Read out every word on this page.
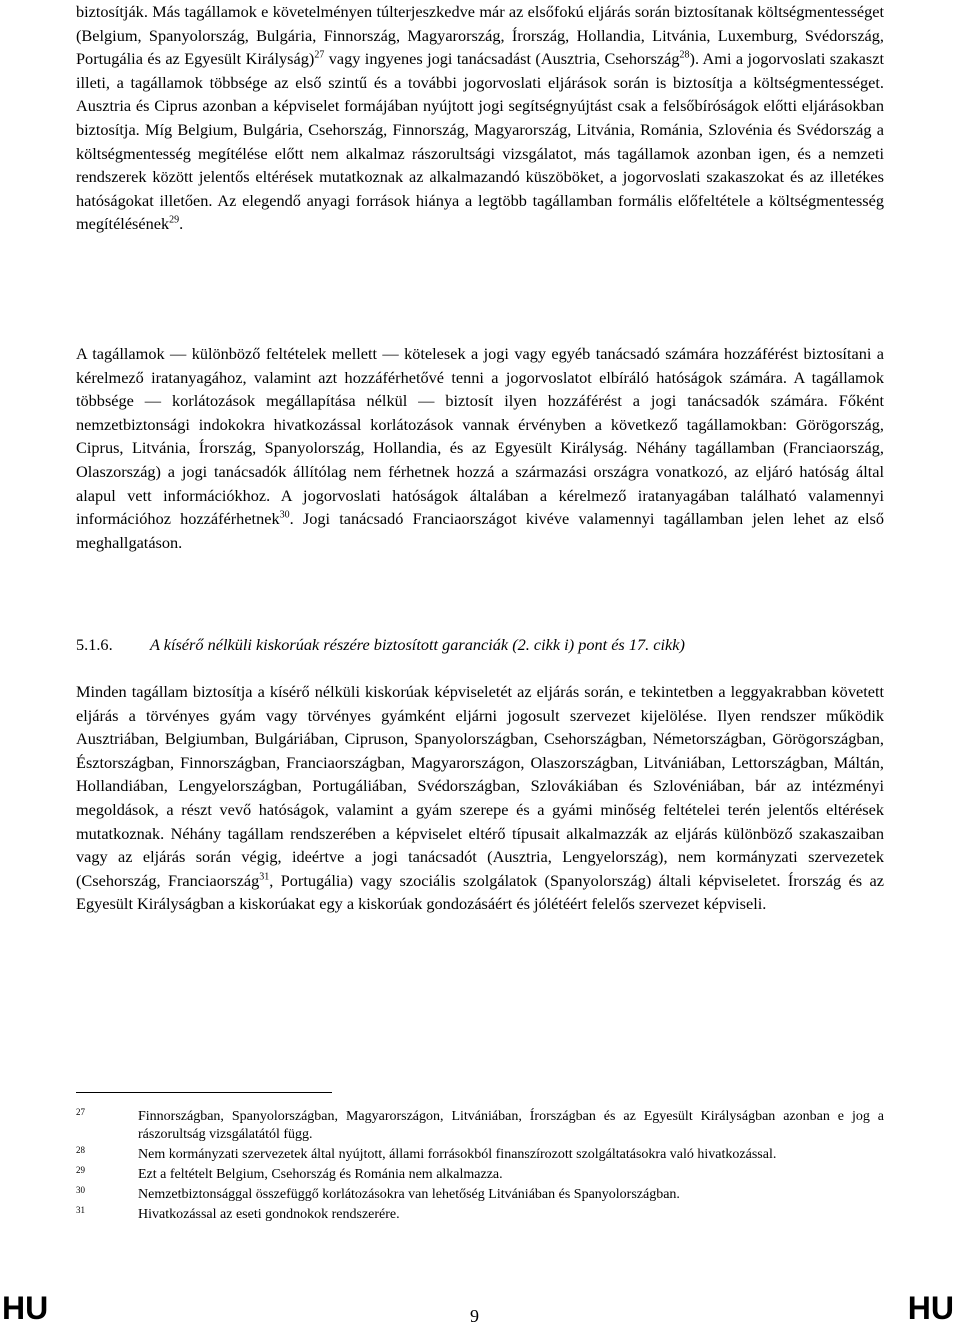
biztosítják. Más tagállamok e követelményen túlterjeszkedve már az elsőfokú eljárás során biztosítanak költségmentességet (Belgium, Spanyolország, Bulgária, Finnország, Magyarország, Írország, Hollandia, Litvánia, Luxemburg, Svédország, Portugália és az Egyesült Királyság)$^{27}$ vagy ingyenes jogi tanácsadást (Ausztria, Csehország$^{28}$). Ami a jogorvoslati szakaszt illeti, a tagállamok többsége az első szintű és a további jogorvoslati eljárások során is biztosítja a költségmentességet. Ausztria és Ciprus azonban a képviselet formájában nyújtott jogi segítségnyújtást csak a felsőbíróságok előtti eljárásokban biztosítja. Míg Belgium, Bulgária, Csehország, Finnország, Magyarország, Litvánia, Románia, Szlovénia és Svédország a költségmentesség megítélése előtt nem alkalmaz rászorultsági vizsgálatot, más tagállamok azonban igen, és a nemzeti rendszerek között jelentős eltérések mutatkoznak az alkalmazandó küszöböket, a jogorvoslati szakaszokat és az illetékes hatóságokat illetően. Az elegendő anyagi források hiánya a legtöbb tagállamban formális előfeltétele a költségmentesség megítélésének$^{29}$.

A tagállamok — különböző feltételek mellett — kötelesek a jogi vagy egyéb tanácsadó számára hozzáférést biztosítani a kérelmező iratanyagához, valamint azt hozzáférhetővé tenni a jogorvoslatot elbíráló hatóságok számára. A tagállamok többsége — korlátozások megállapítása nélkül — biztosít ilyen hozzáférést a jogi tanácsadók számára. Főként nemzetbiztonsági indokokra hivatkozással korlátozások vannak érvényben a következő tagállamokban: Görögország, Ciprus, Litvánia, Írország, Spanyolország, Hollandia, és az Egyesült Királyság. Néhány tagállamban (Franciaország, Olaszország) a jogi tanácsadók állítólag nem férhetnek hozzá a származási országra vonatkozó, az eljáró hatóság által alapul vett információkhoz. A jogorvoslati hatóságok általában a kérelmező iratanyagában található valamennyi információhoz hozzáférhetnek$^{30}$. Jogi tanácsadó Franciaországot kivéve valamennyi tagállamban jelen lehet az első meghallgatáson.

5.1.6. A kísérő nélküli kiskorúak részére biztosított garanciák (2. cikk i) pont és 17. cikk)

Minden tagállam biztosítja a kísérő nélküli kiskorúak képviseletét az eljárás során, e tekintetben a leggyakrabban követett eljárás a törvényes gyám vagy törvényes gyámként eljárni jogosult szervezet kijelölése. Ilyen rendszer működik Ausztriában, Belgiumban, Bulgáriában, Cipruson, Spanyolországban, Csehországban, Németországban, Görögországban, Észtországban, Finnországban, Franciaországban, Magyarországon, Olaszországban, Litvániában, Lettországban, Máltán, Hollandiában, Lengyelországban, Portugáliában, Svédországban, Szlovákiában és Szlovéniában, bár az intézményi megoldások, a részt vevő hatóságok, valamint a gyám szerepe és a gyámi minőség feltételei terén jelentős eltérések mutatkoznak. Néhány tagállam rendszerében a képviselet eltérő típusait alkalmazzák az eljárás különböző szakaszaiban vagy az eljárás során végig, ideértve a jogi tanácsadót (Ausztria, Lengyelország), nem kormányzati szervezetek (Csehország, Franciaország$^{31}$, Portugália) vagy szociális szolgálatok (Spanyolország) általi képviseletet. Írország és az Egyesült Királyságban a kiskorúakat egy a kiskorúak gondozásáért és jólétéért felelős szervezet képviseli.

27	Finnországban, Spanyolországban, Magyarországon, Litvániában, Írországban és az Egyesült Királyságban azonban e jog a rászorultság vizsgálatától függ.
28	Nem kormányzati szervezetek által nyújtott, állami forrásokból finanszírozott szolgáltatásokra való hivatkozással.
29	Ezt a feltételt Belgium, Csehország és Románia nem alkalmazza.
30	Nemzetbiztonsággal összefüggő korlátozásokra van lehetőség Litvániában és Spanyolországban.
31	Hivatkozással az eseti gondnokok rendszerére.
HU	9	HU
